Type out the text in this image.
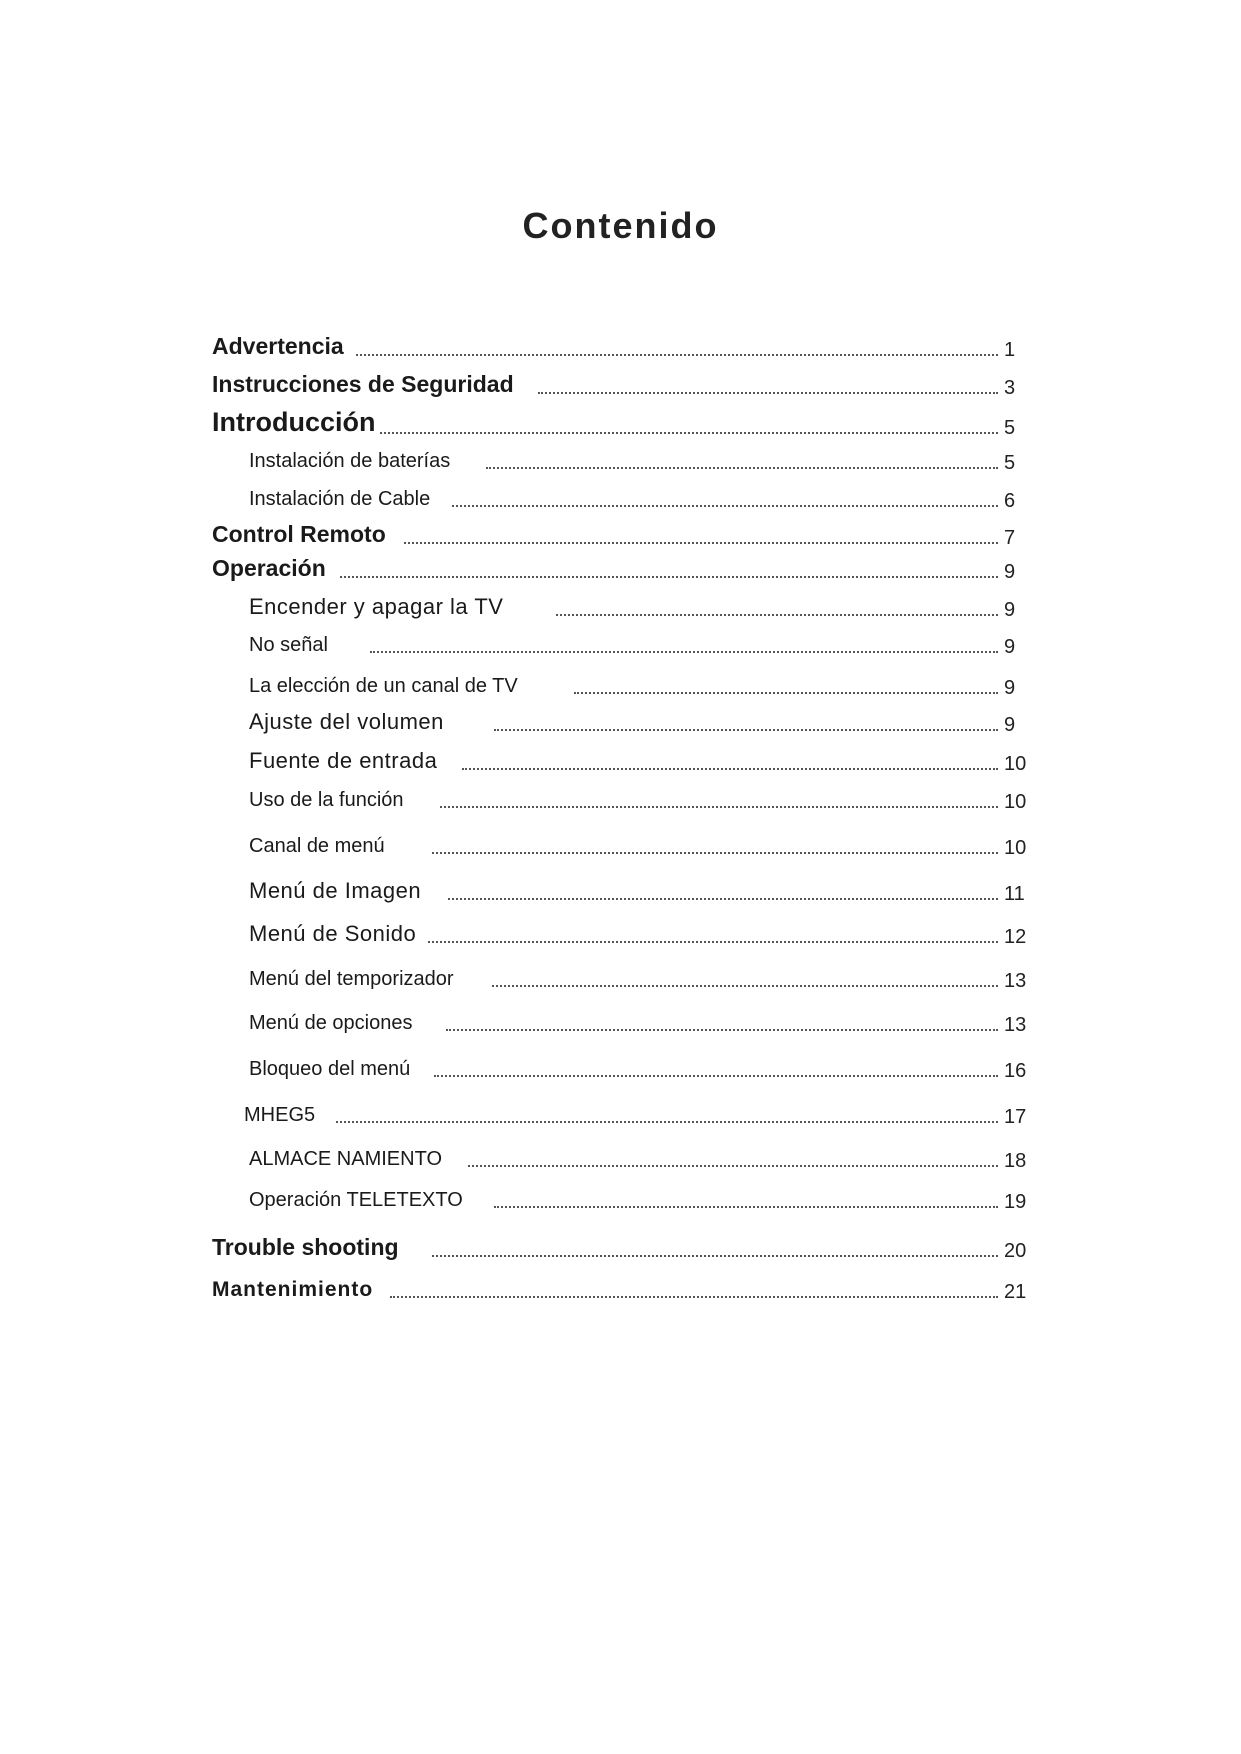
Contenido
Advertencia	1
Instrucciones de Seguridad	3
Introducción	5
Instalación de baterías	5
Instalación de Cable	6
Control Remoto	7
Operación	9
Encender y apagar la TV	9
No señal	9
La elección de un canal de TV	9
Ajuste del volumen	9
Fuente de entrada	10
Uso de la función	10
Canal de menú	10
Menú de Imagen	11
Menú de Sonido	12
Menú del temporizador	13
Menú de opciones	13
Bloqueo del menú	16
MHEG5	17
ALMACE NAMIENTO	18
Operación TELETEXTO	19
Trouble shooting	20
Mantenimiento	21
